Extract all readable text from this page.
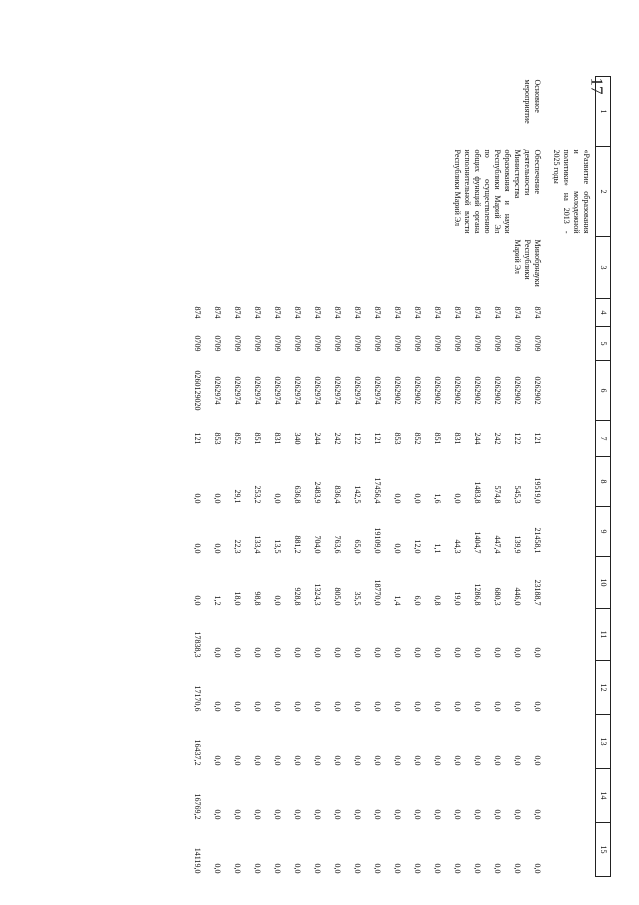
17
1	2	3	4	5	6	7	8	9	10	11	12	13	14	15
	«Развитие образования и молодежной политики» на 2013 - 2025 годы													
Основное мероприятие	Обеспечение деятельности Министерства образования и науки Республики Марий Эл по осуществлению общих функций органа исполнительной власти Республики Марий Эл	Минобрнауки Республики Марий Эл	874	0709	0262902	121	19519,0	21458,1	23188,7	0,0	0,0	0,0	0,0	0,0
			874	0709	0262902	122	545,3	139,9	446,0	0,0	0,0	0,0	0,0	0,0
			874	0709	0262902	242	574,8	447,4	680,3	0,0	0,0	0,0	0,0	0,0
			874	0709	0262902	244	1483,8	1404,7	1286,8	0,0	0,0	0,0	0,0	0,0
			874	0709	0262902	831	0,0	44,3	19,0	0,0	0,0	0,0	0,0	0,0
			874	0709	0262902	851	1,6	1,1	0,8	0,0	0,0	0,0	0,0	0,0
			874	0709	0262902	852	0,0	12,0	6,0	0,0	0,0	0,0	0,0	0,0
			874	0709	0262902	853	0,0	0,0	1,4	0,0	0,0	0,0	0,0	0,0
			874	0709	0262974	121	17456,4	19109,0	18770,0	0,0	0,0	0,0	0,0	0,0
			874	0709	0262974	122	142,5	65,0	35,5	0,0	0,0	0,0	0,0	0,0
			874	0709	0262974	242	836,4	763,6	805,0	0,0	0,0	0,0	0,0	0,0
			874	0709	0262974	244	2483,9	704,0	1324,3	0,0	0,0	0,0	0,0	0,0
			874	0709	0262974	340	636,8	881,2	928,8	0,0	0,0	0,0	0,0	0,0
			874	0709	0262974	831	0,0	13,5	0,0	0,0	0,0	0,0	0,0	0,0
			874	0709	0262974	851	253,2	133,4	98,8	0,0	0,0	0,0	0,0	0,0
			874	0709	0262974	852	29,1	22,3	18,0	0,0	0,0	0,0	0,0	0,0
			874	0709	0262974	853	0,0	0,0	1,2	0,0	0,0	0,0	0,0	0,0
			874	0709	0260129020	121	0,0	0,0	0,0	17838,3	17170,6	16437,2	16769,2	14119,0
